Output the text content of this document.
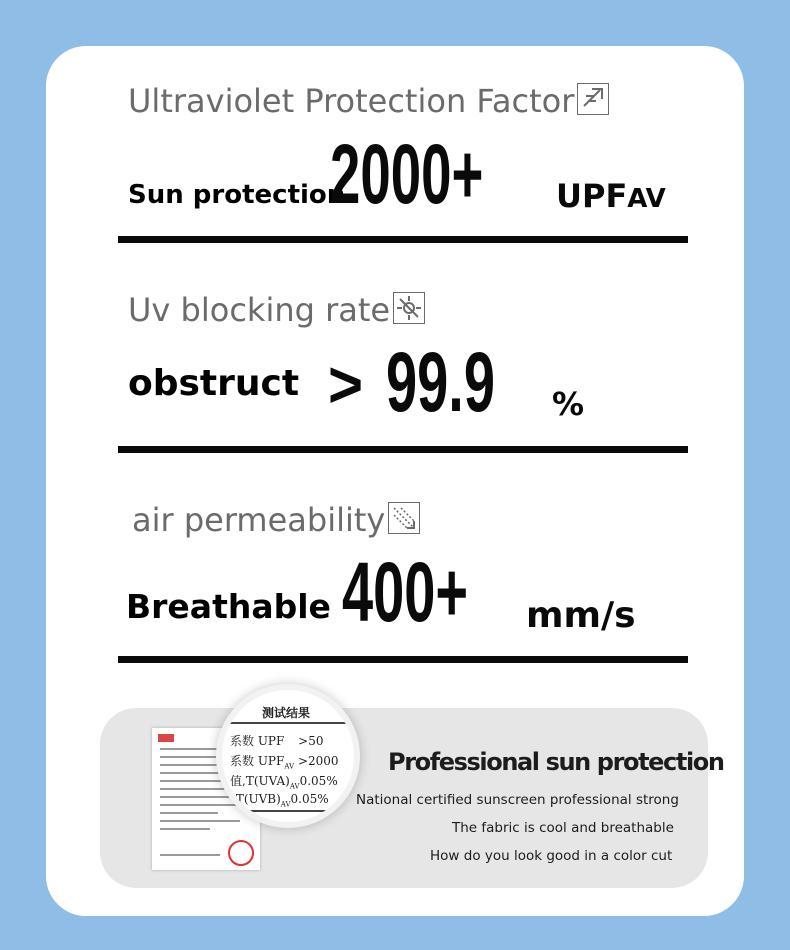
Ultraviolet Protection Factor
Sun protection
2000+ UPFAV
Uv blocking rate
obstruct > 99.9 %
air permeability
Breathable 400+ mm/s
测试结果
系数 UPF >50
系数 $UPF_{AV} >2000$
值$,T(UVA)_{AV}0.05\%$
$,T(UVB)_{AV}0.05\%$
Professional sun protection
National certified sunscreen professional strong
The fabric is cool and breathable
How do you look good in a color cut
